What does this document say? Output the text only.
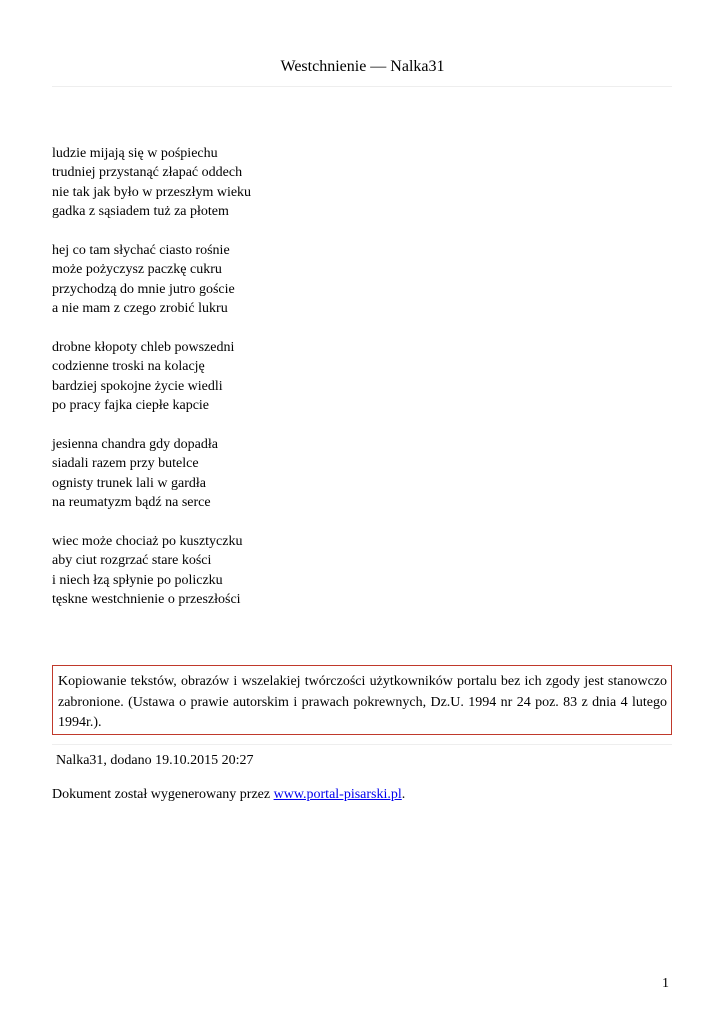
Westchnienie — Nalka31
ludzie mijają się w pośpiechu
trudniej przystanąć złapać oddech
nie tak jak było w przeszłym wieku
gadka z sąsiadem tuż za płotem
hej co tam słychać ciasto rośnie
może pożyczysz paczkę cukru
przychodzą do mnie jutro goście
a nie mam z czego zrobić lukru
drobne kłopoty chleb powszedni
codzienne troski na kolację
bardziej spokojne życie wiedli
po pracy fajka ciepłe kapcie
jesienna chandra gdy dopadła
siadali razem przy butelce
ognisty trunek lali w gardła
na reumatyzm bądź na serce
wiec może chociaż po kusztyczku
aby ciut rozgrzać stare kości
i niech łzą spłynie po policzku
tęskne westchnienie o przeszłości
Kopiowanie tekstów, obrazów i wszelakiej twórczości użytkowników portalu bez ich zgody jest stanowczo zabronione. (Ustawa o prawie autorskim i prawach pokrewnych, Dz.U. 1994 nr 24 poz. 83 z dnia 4 lutego 1994r.).
Nalka31, dodano 19.10.2015 20:27
Dokument został wygenerowany przez www.portal-pisarski.pl.
1
